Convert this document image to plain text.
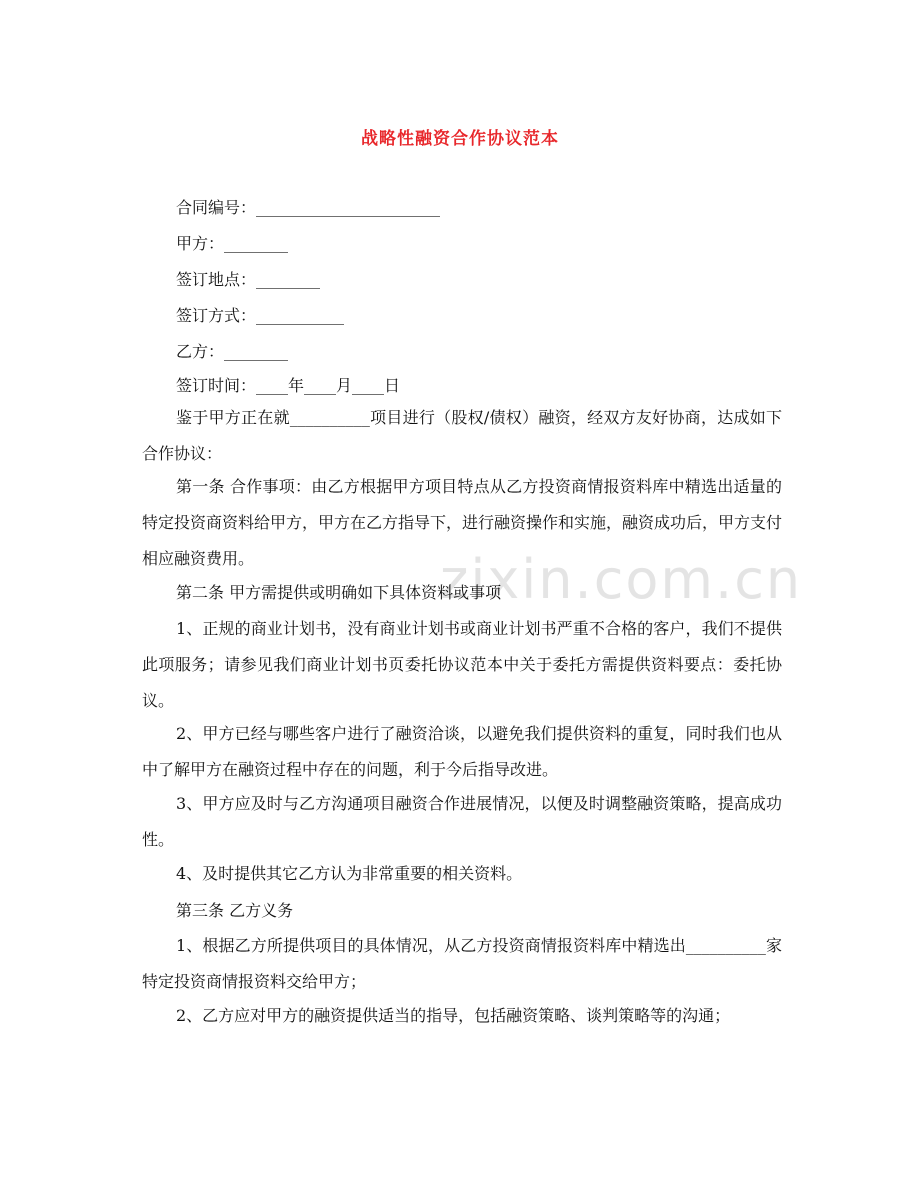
zixin.com.cn
战略性融资合作协议范本
合同编号：_______________________
甲方：________
签订地点：________
签订方式：___________
乙方：________
签订时间：____年____月____日
鉴于甲方正在就__________项目进行（股权/债权）融资，经双方友好协商，达成如下合作协议：
第一条 合作事项：由乙方根据甲方项目特点从乙方投资商情报资料库中精选出适量的特定投资商资料给甲方，甲方在乙方指导下，进行融资操作和实施，融资成功后，甲方支付相应融资费用。
第二条 甲方需提供或明确如下具体资料或事项
1、正规的商业计划书，没有商业计划书或商业计划书严重不合格的客户，我们不提供此项服务；请参见我们商业计划书页委托协议范本中关于委托方需提供资料要点：委托协议。
2、甲方已经与哪些客户进行了融资洽谈，以避免我们提供资料的重复，同时我们也从中了解甲方在融资过程中存在的问题，利于今后指导改进。
3、甲方应及时与乙方沟通项目融资合作进展情况，以便及时调整融资策略，提高成功性。
4、及时提供其它乙方认为非常重要的相关资料。
第三条 乙方义务
1、根据乙方所提供项目的具体情况，从乙方投资商情报资料库中精选出__________家特定投资商情报资料交给甲方；
2、乙方应对甲方的融资提供适当的指导，包括融资策略、谈判策略等的沟通；
